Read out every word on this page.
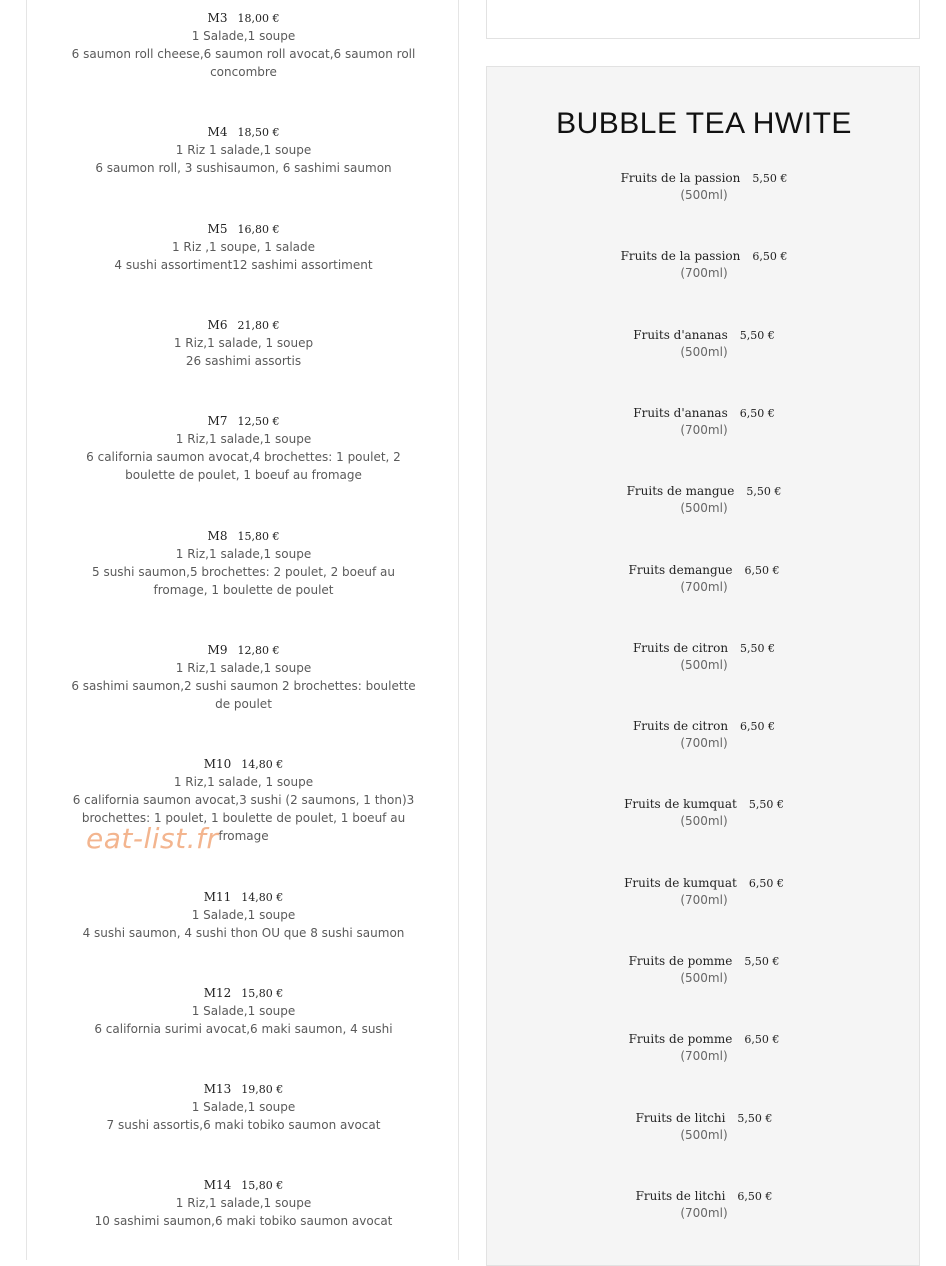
M3 18,00 €
1 Salade,1 soupe
6 saumon roll cheese,6 saumon roll avocat,6 saumon roll
concombre
M4 18,50 €
1 Riz 1 salade,1 soupe
6 saumon roll, 3 sushisaumon, 6 sashimi saumon
M5 16,80 €
1 Riz ,1 soupe, 1 salade
4 sushi assortiment12 sashimi assortiment
M6 21,80 €
1 Riz,1 salade, 1 souep
26 sashimi assortis
M7 12,50 €
1 Riz,1 salade,1 soupe
6 california saumon avocat,4 brochettes: 1 poulet, 2
boulette de poulet, 1 boeuf au fromage
M8 15,80 €
1 Riz,1 salade,1 soupe
5 sushi saumon,5 brochettes: 2 poulet, 2 boeuf au
fromage, 1 boulette de poulet
M9 12,80 €
1 Riz,1 salade,1 soupe
6 sashimi saumon,2 sushi saumon 2 brochettes: boulette
de poulet
M10 14,80 €
1 Riz,1 salade, 1 soupe
6 california saumon avocat,3 sushi (2 saumons, 1 thon)3
brochettes: 1 poulet, 1 boulette de poulet, 1 boeuf au
fromage
M11 14,80 €
1 Salade,1 soupe
4 sushi saumon, 4 sushi thon OU que 8 sushi saumon
M12 15,80 €
1 Salade,1 soupe
6 california surimi avocat,6 maki saumon, 4 sushi
M13 19,80 €
1 Salade,1 soupe
7 sushi assortis,6 maki tobiko saumon avocat
M14 15,80 €
1 Riz,1 salade,1 soupe
10 sashimi saumon,6 maki tobiko saumon avocat
eat-list.fr
BUBBLE TEA HWITE
Fruits de la passion 5,50 €
(500ml)
Fruits de la passion 6,50 €
(700ml)
Fruits d'ananas 5,50 €
(500ml)
Fruits d'ananas 6,50 €
(700ml)
Fruits de mangue 5,50 €
(500ml)
Fruits demangue 6,50 €
(700ml)
Fruits de citron 5,50 €
(500ml)
Fruits de citron 6,50 €
(700ml)
Fruits de kumquat 5,50 €
(500ml)
Fruits de kumquat 6,50 €
(700ml)
Fruits de pomme 5,50 €
(500ml)
Fruits de pomme 6,50 €
(700ml)
Fruits de litchi 5,50 €
(500ml)
Fruits de litchi 6,50 €
(700ml)
